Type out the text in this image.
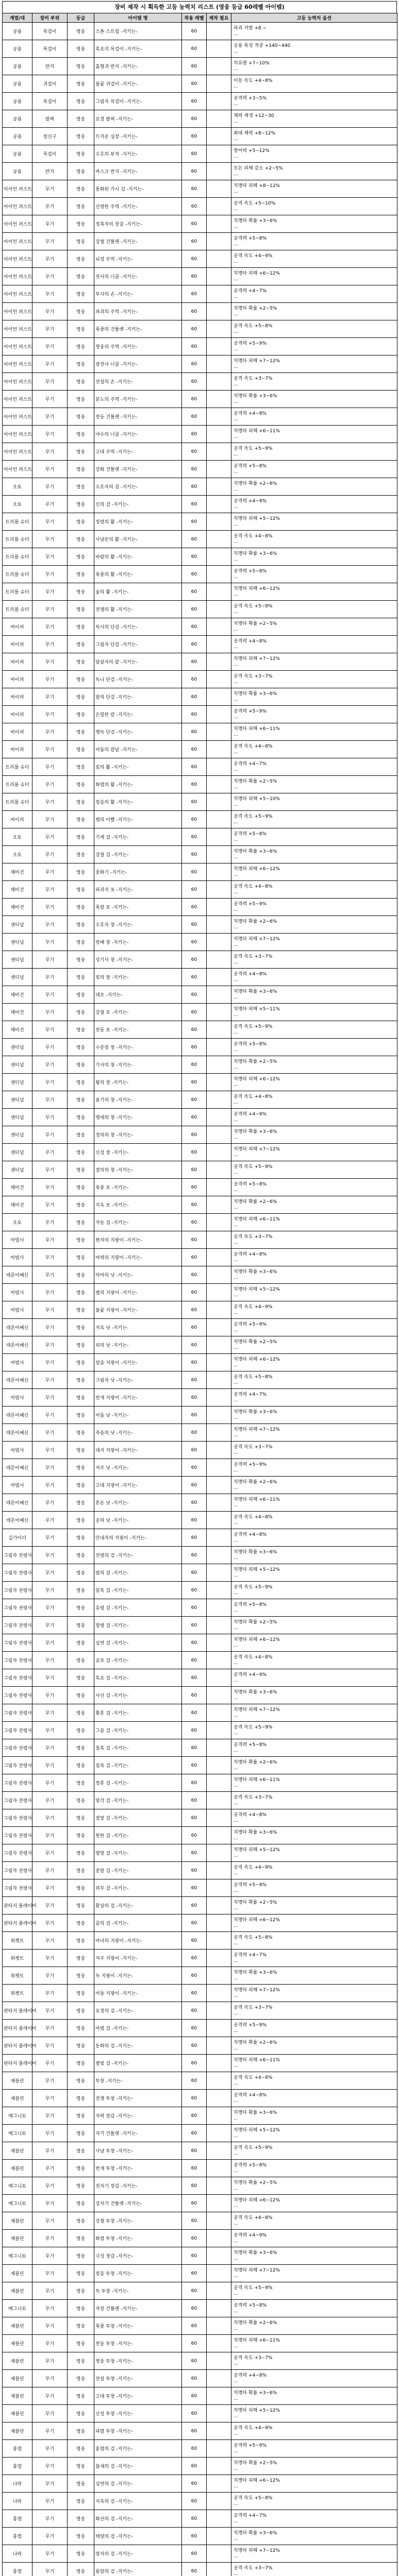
장비 제작 시 획득한 고등 능력치 리스트 (영웅 등급 60레벨 아이템)
계열/대	장비 부위	등급	아이템 명	착용 레벨	제작 필요	고등 능력치 옵션
공용	목걸이	영웅	스톤 스트립 -지키는-	60		파괴 저항 +8 ~
...
공용	목걸이	영웅	흑요석 목걸이 -지키는-	60		공용 특성 적중 +140~440
...
공용	반지	영웅	흡혈귀 반지 -지키는-	60		치유량 +7~10%
...
공용	귀걸이	영웅	불꽃 귀걸이 -지키는-	60		이동 속도 +4~8%
...
공용	목걸이	영웅	그림자 목걸이 -지키는-	60		공격력 +3~5%
...
공용	팔찌	영웅	요정 팔찌 -지키는-	60		체력 재생 +12~30
...
공용	장신구	영웅	뜨거운 심장 -지키는-	60		최대 체력 +8~12%
...
공용	목걸이	영웅	수호의 부적 -지키는-	60		방어력 +5~12%
...
공용	반지	영웅	바스크 반지 -지키는-	60		모든 피해 감소 +2~5%
...
아이언 퍼스트	무기	영웅	풍화된 가시 검 -지키는-	60		치명타 피해 +8~12%
...
아이언 퍼스트	무기	영웅	신령한 주먹 -지키는-	60		공격 속도 +5~10%
...
아이언 퍼스트	무기	영웅	정복자의 장갑 -지키는-	60		치명타 확률 +3~6%
...
아이언 퍼스트	무기	영웅	강철 건틀렛 -지키는-	60		공격력 +5~8%
...
아이언 퍼스트	무기	영웅	뇌정 주먹 -지키는-	60		공격 속도 +4~9%
...
아이언 퍼스트	무기	영웅	전사의 너클 -지키는-	60		치명타 피해 +6~12%
...
아이언 퍼스트	무기	영웅	투사의 손 -지키는-	60		공격력 +4~7%
...
아이언 퍼스트	무기	영웅	파괴의 주먹 -지키는-	60		치명타 확률 +2~5%
...
아이언 퍼스트	무기	영웅	폭풍의 건틀렛 -지키는-	60		공격 속도 +5~8%
...
아이언 퍼스트	무기	영웅	영웅의 주먹 -지키는-	60		공격력 +5~9%
...
아이언 퍼스트	무기	영웅	광전사 너클 -지키는-	60		치명타 피해 +7~12%
...
아이언 퍼스트	무기	영웅	전설의 손 -지키는-	60		공격 속도 +3~7%
...
아이언 퍼스트	무기	영웅	분노의 주먹 -지키는-	60		치명타 확률 +3~6%
...
아이언 퍼스트	무기	영웅	천둥 건틀렛 -지키는-	60		공격력 +4~8%
...
아이언 퍼스트	무기	영웅	야수의 너클 -지키는-	60		치명타 피해 +6~11%
...
아이언 퍼스트	무기	영웅	고대 주먹 -지키는-	60		공격 속도 +5~9%
...
아이언 퍼스트	무기	영웅	강화 건틀렛 -지키는-	60		공격력 +5~8%
...
오토	무기	영웅	수호자의 검 -지키는-	60		치명타 확률 +2~6%
...
오토	무기	영웅	신의 검 -지키는-	60		공격력 +4~9%
...
트리플 슈터	무기	영웅	정령의 활 -지키는-	60		치명타 피해 +5~12%
...
트리플 슈터	무기	영웅	사냥꾼의 활 -지키는-	60		공격 속도 +4~8%
...
트리플 슈터	무기	영웅	바람의 활 -지키는-	60		치명타 확률 +3~6%
...
트리플 슈터	무기	영웅	폭풍의 활 -지키는-	60		공격력 +5~8%
...
트리플 슈터	무기	영웅	숲의 활 -지키는-	60		치명타 피해 +6~12%
...
트리플 슈터	무기	영웅	전쟁의 활 -지키는-	60		공격 속도 +5~9%
...
바이퍼	무기	영웅	독사의 단검 -지키는-	60		치명타 확률 +2~5%
...
바이퍼	무기	영웅	그림자 단검 -지키는-	60		공격력 +4~8%
...
바이퍼	무기	영웅	암살자의 칼 -지키는-	60		치명타 피해 +7~12%
...
바이퍼	무기	영웅	독니 단검 -지키는-	60		공격 속도 +3~7%
...
바이퍼	무기	영웅	밤의 단검 -지키는-	60		치명타 확률 +3~6%
...
바이퍼	무기	영웅	은밀한 칼 -지키는-	60		공격력 +5~9%
...
바이퍼	무기	영웅	맹독 단검 -지키는-	60		치명타 피해 +6~11%
...
바이퍼	무기	영웅	어둠의 칼날 -지키는-	60		공격 속도 +4~8%
...
트리플 슈터	무기	영웅	빛의 활 -지키는-	60		공격력 +4~7%
...
트리플 슈터	무기	영웅	화염의 활 -지키는-	60		치명타 확률 +2~5%
...
트리플 슈터	무기	영웅	얼음의 활 -지키는-	60		치명타 피해 +5~10%
...
바이퍼	무기	영웅	뱀의 이빨 -지키는-	60		공격 속도 +5~9%
...
오토	무기	영웅	기계 검 -지키는-	60		공격력 +5~8%
...
오토	무기	영웅	강철 검 -지키는-	60		치명타 확률 +3~6%
...
헤비건	무기	영웅	중화기 -지키는-	60		치명타 피해 +6~12%
...
헤비건	무기	영웅	파괴자 포 -지키는-	60		공격 속도 +4~8%
...
헤비건	무기	영웅	폭발 포 -지키는-	60		공격력 +5~9%
...
센티널	무기	영웅	수호자 창 -지키는-	60		치명타 확률 +2~6%
...
센티널	무기	영웅	방패 창 -지키는-	60		치명타 피해 +7~12%
...
센티널	무기	영웅	성기사 창 -지키는-	60		공격 속도 +3~7%
...
센티널	무기	영웅	빛의 창 -지키는-	60		공격력 +4~8%
...
헤비건	무기	영웅	대포 -지키는-	60		치명타 확률 +3~6%
...
헤비건	무기	영웅	강철 포 -지키는-	60		치명타 피해 +5~11%
...
헤비건	무기	영웅	천둥 포 -지키는-	60		공격 속도 +5~9%
...
센티널	무기	영웅	수문장 창 -지키는-	60		공격력 +5~8%
...
센티널	무기	영웅	기사의 창 -지키는-	60		치명타 확률 +2~5%
...
센티널	무기	영웅	왕의 창 -지키는-	60		치명타 피해 +6~12%
...
센티널	무기	영웅	용기의 창 -지키는-	60		공격 속도 +4~8%
...
센티널	무기	영웅	맹세의 창 -지키는-	60		공격력 +4~9%
...
센티널	무기	영웅	정의의 창 -지키는-	60		치명타 확률 +3~6%
...
센티널	무기	영웅	신성 창 -지키는-	60		치명타 피해 +7~12%
...
센티널	무기	영웅	결의의 창 -지키는-	60		공격 속도 +5~9%
...
헤비건	무기	영웅	폭풍 포 -지키는-	60		공격력 +5~8%
...
헤비건	무기	영웅	지옥 포 -지키는-	60		치명타 확률 +2~6%
...
오토	무기	영웅	자동 검 -지키는-	60		치명타 피해 +6~11%
...
마법사	무기	영웅	현자의 지팡이 -지키는-	60		공격 속도 +3~7%
...
마법사	무기	영웅	마력의 지팡이 -지키는-	60		공격력 +4~8%
...
데몬어쌔신	무기	영웅	악마의 낫 -지키는-	60		치명타 확률 +3~6%
...
마법사	무기	영웅	별의 지팡이 -지키는-	60		치명타 피해 +5~12%
...
마법사	무기	영웅	불꽃 지팡이 -지키는-	60		공격 속도 +4~9%
...
데몬어쌔신	무기	영웅	지옥 낫 -지키는-	60		공격력 +5~9%
...
데몬어쌔신	무기	영웅	피의 낫 -지키는-	60		치명타 확률 +2~5%
...
마법사	무기	영웅	얼음 지팡이 -지키는-	60		치명타 피해 +6~12%
...
데몬어쌔신	무기	영웅	그림자 낫 -지키는-	60		공격 속도 +5~8%
...
마법사	무기	영웅	번개 지팡이 -지키는-	60		공격력 +4~7%
...
데몬어쌔신	무기	영웅	어둠 낫 -지키는-	60		치명타 확률 +3~6%
...
데몬어쌔신	무기	영웅	죽음의 낫 -지키는-	60		치명타 피해 +7~12%
...
마법사	무기	영웅	대지 지팡이 -지키는-	60		공격 속도 +3~7%
...
데몬어쌔신	무기	영웅	저주 낫 -지키는-	60		공격력 +5~9%
...
마법사	무기	영웅	고대 지팡이 -지키는-	60		치명타 확률 +2~6%
...
데몬어쌔신	무기	영웅	혼돈 낫 -지키는-	60		치명타 피해 +6~11%
...
데몬어쌔신	무기	영웅	공허 낫 -지키는-	60		공격 속도 +4~8%
...
길가이더	무기	영웅	안내자의 지팡이 -지키는-	60		공격력 +4~8%
...
그림자 전령사	무기	영웅	전령의 검 -지키는-	60		치명타 확률 +3~6%
...
그림자 전령사	무기	영웅	밤의 검 -지키는-	60		치명타 피해 +5~12%
...
그림자 전령사	무기	영웅	암흑 검 -지키는-	60		공격 속도 +5~9%
...
그림자 전령사	무기	영웅	유령 검 -지키는-	60		공격력 +5~8%
...
그림자 전령사	무기	영웅	망령 검 -지키는-	60		치명타 확률 +2~5%
...
그림자 전령사	무기	영웅	심연 검 -지키는-	60		치명타 피해 +6~12%
...
그림자 전령사	무기	영웅	공포 검 -지키는-	60		공격 속도 +4~8%
...
그림자 전령사	무기	영웅	흑요 검 -지키는-	60		공격력 +4~9%
...
그림자 전령사	무기	영웅	사신 검 -지키는-	60		치명타 확률 +3~6%
...
그림자 전령사	무기	영웅	황혼 검 -지키는-	60		치명타 피해 +7~12%
...
그림자 전령사	무기	영웅	그믐 검 -지키는-	60		공격 속도 +5~9%
...
그림자 전령사	무기	영웅	칠흑 검 -지키는-	60		공격력 +5~8%
...
그림자 전령사	무기	영웅	침묵 검 -지키는-	60		치명타 확률 +2~6%
...
그림자 전령사	무기	영웅	영혼 검 -지키는-	60		치명타 피해 +6~11%
...
그림자 전령사	무기	영웅	망각 검 -지키는-	60		공격 속도 +3~7%
...
그림자 전령사	무기	영웅	절망 검 -지키는-	60		공격력 +4~8%
...
그림자 전령사	무기	영웅	원한 검 -지키는-	60		치명타 확률 +3~6%
...
그림자 전령사	무기	영웅	멸망 검 -지키는-	60		치명타 피해 +5~12%
...
그림자 전령사	무기	영웅	종말 검 -지키는-	60		공격 속도 +4~9%
...
그림자 전령사	무기	영웅	허무 검 -지키는-	60		공격력 +5~9%
...
판타지 플레이어	무기	영웅	환상의 검 -지키는-	60		치명타 확률 +2~5%
...
판타지 플레이어	무기	영웅	꿈의 검 -지키는-	60		치명타 피해 +6~12%
...
위켓트	무기	영웅	마녀의 지팡이 -지키는-	60		공격 속도 +5~8%
...
위켓트	무기	영웅	저주 지팡이 -지키는-	60		공격력 +4~7%
...
위켓트	무기	영웅	독 지팡이 -지키는-	60		치명타 확률 +3~6%
...
위켓트	무기	영웅	어둠 지팡이 -지키는-	60		치명타 피해 +7~12%
...
판타지 플레이어	무기	영웅	요정의 검 -지키는-	60		공격 속도 +3~7%
...
판타지 플레이어	무기	영웅	마법 검 -지키는-	60		공격력 +5~9%
...
판타지 플레이어	무기	영웅	동화의 검 -지키는-	60		치명타 확률 +2~6%
...
판타지 플레이어	무기	영웅	별빛 검 -지키는-	60		치명타 피해 +6~11%
...
재블린	무기	영웅	투창 -지키는-	60		공격 속도 +4~8%
...
재블린	무기	영웅	전쟁 투창 -지키는-	60		공격력 +4~8%
...
매그니토	무기	영웅	자력 장갑 -지키는-	60		치명타 확률 +3~6%
...
매그니토	무기	영웅	자기 건틀렛 -지키는-	60		치명타 피해 +5~12%
...
재블린	무기	영웅	사냥 투창 -지키는-	60		공격 속도 +5~9%
...
재블린	무기	영웅	번개 투창 -지키는-	60		공격력 +5~8%
...
매그니토	무기	영웅	전자기 장갑 -지키는-	60		치명타 확률 +2~5%
...
매그니토	무기	영웅	강자기 건틀렛 -지키는-	60		치명타 피해 +6~12%
...
재블린	무기	영웅	강철 투창 -지키는-	60		공격 속도 +4~8%
...
재블린	무기	영웅	화염 투창 -지키는-	60		공격력 +4~9%
...
매그니토	무기	영웅	극성 장갑 -지키는-	60		치명타 확률 +3~6%
...
재블린	무기	영웅	얼음 투창 -지키는-	60		치명타 피해 +7~12%
...
재블린	무기	영웅	독 투창 -지키는-	60		공격 속도 +5~9%
...
매그니토	무기	영웅	자장 건틀렛 -지키는-	60		공격력 +5~8%
...
재블린	무기	영웅	폭풍 투창 -지키는-	60		치명타 확률 +2~6%
...
재블린	무기	영웅	천둥 투창 -지키는-	60		치명타 피해 +6~11%
...
재블린	무기	영웅	영웅 투창 -지키는-	60		공격 속도 +3~7%
...
재블린	무기	영웅	전설 투창 -지키는-	60		공격력 +4~8%
...
재블린	무기	영웅	고대 투창 -지키는-	60		치명타 확률 +3~6%
...
재블린	무기	영웅	신성 투창 -지키는-	60		치명타 피해 +5~12%
...
재블린	무기	영웅	파멸 투창 -지키는-	60		공격 속도 +4~9%
...
홍염	무기	영웅	홍염의 검 -지키는-	60		공격력 +5~9%
...
홍염	무기	영웅	불새의 검 -지키는-	60		치명타 확률 +2~5%
...
나락	무기	영웅	심연의 검 -지키는-	60		치명타 피해 +6~12%
...
나락	무기	영웅	지옥의 검 -지키는-	60		공격 속도 +5~8%
...
홍염	무기	영웅	화산의 검 -지키는-	60		공격력 +4~7%
...
홍염	무기	영웅	태양의 검 -지키는-	60		치명타 확률 +3~6%
...
나락	무기	영웅	망자의 검 -지키는-	60		치명타 피해 +7~12%
...
홍염	무기	영웅	용암의 검 -지키는-	60		공격 속도 +3~7%
...
